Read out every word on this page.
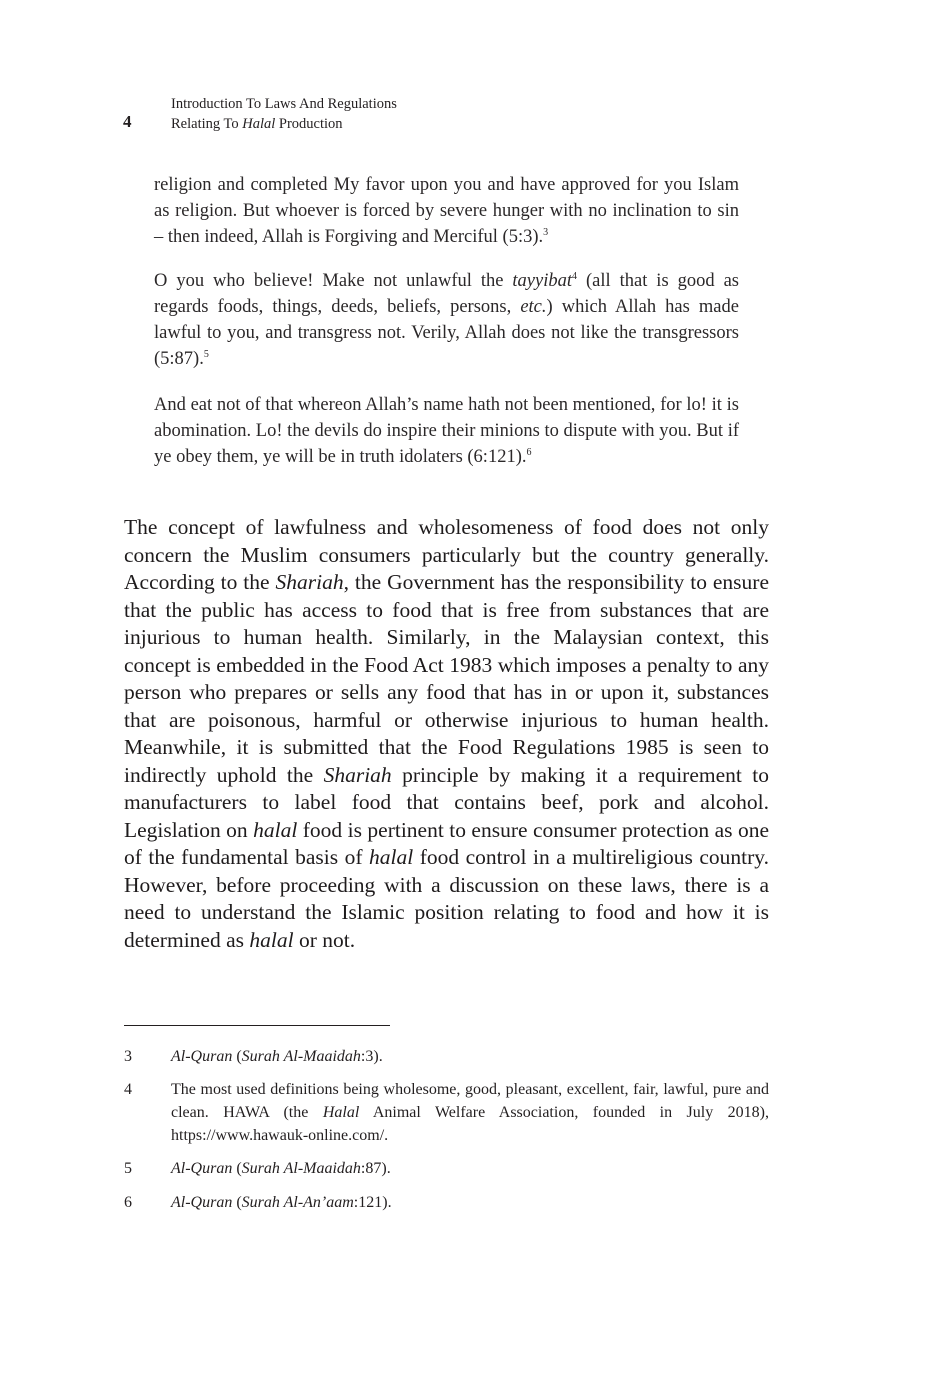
4
Introduction To Laws And Regulations
Relating To Halal Production

religion and completed My favor upon you and have approved for you Islam as religion. But whoever is forced by severe hunger with no inclination to sin – then indeed, Allah is Forgiving and Merciful (5:3).$^3$

O you who believe! Make not unlawful the tayyibat$^4$ (all that is good as regards foods, things, deeds, beliefs, persons, etc.) which Allah has made lawful to you, and transgress not. Verily, Allah does not like the transgressors (5:87).$^5$

And eat not of that whereon Allah’s name hath not been mentioned, for lo! it is abomination. Lo! the devils do inspire their minions to dispute with you. But if ye obey them, ye will be in truth idolaters (6:121).$^6$

The concept of lawfulness and wholesomeness of food does not only concern the Muslim consumers particularly but the country generally. According to the Shariah, the Government has the responsibility to ensure that the public has access to food that is free from substances that are injurious to human health. Similarly, in the Malaysian context, this concept is embedded in the Food Act 1983 which imposes a penalty to any person who prepares or sells any food that has in or upon it, substances that are poisonous, harmful or otherwise injurious to human health. Meanwhile, it is submitted that the Food Regulations 1985 is seen to indirectly uphold the Shariah principle by making it a requirement to manufacturers to label food that contains beef, pork and alcohol. Legislation on halal food is pertinent to ensure consumer protection as one of the fundamental basis of halal food control in a multireligious country. However, before proceeding with a discussion on these laws, there is a need to understand the Islamic position relating to food and how it is determined as halal or not.

3 Al-Quran (Surah Al-Maaidah:3).
4 The most used definitions being wholesome, good, pleasant, excellent, fair, lawful, pure and clean. HAWA (the Halal Animal Welfare Association, founded in July 2018), https://www.hawauk-online.com/.
5 Al-Quran (Surah Al-Maaidah:87).
6 Al-Quran (Surah Al-An’aam:121).
